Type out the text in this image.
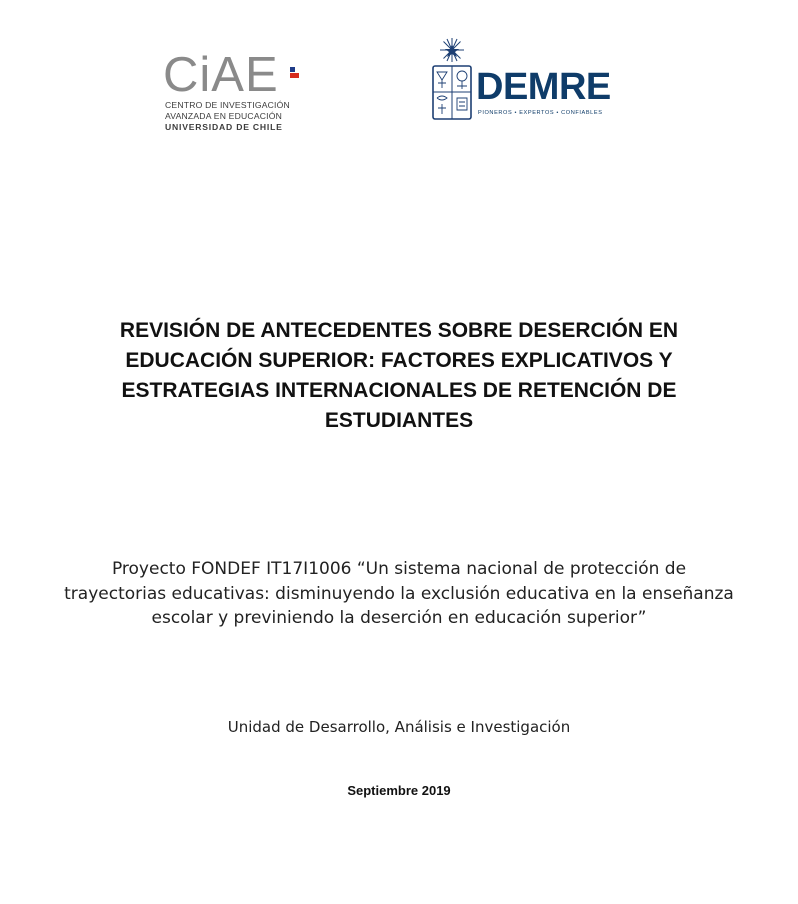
CiAE
CENTRO DE INVESTIGACIÓN
AVANZADA EN EDUCACIÓN
UNIVERSIDAD DE CHILE
DEMRE
PIONEROS • EXPERTOS • CONFIABLES
REVISIÓN DE ANTECEDENTES SOBRE DESERCIÓN EN EDUCACIÓN SUPERIOR: FACTORES EXPLICATIVOS Y ESTRATEGIAS INTERNACIONALES DE RETENCIÓN DE ESTUDIANTES

Proyecto FONDEF IT17I1006 “Un sistema nacional de protección de trayectorias educativas: disminuyendo la exclusión educativa en la enseñanza escolar y previniendo la deserción en educación superior”

Unidad de Desarrollo, Análisis e Investigación

Septiembre 2019
